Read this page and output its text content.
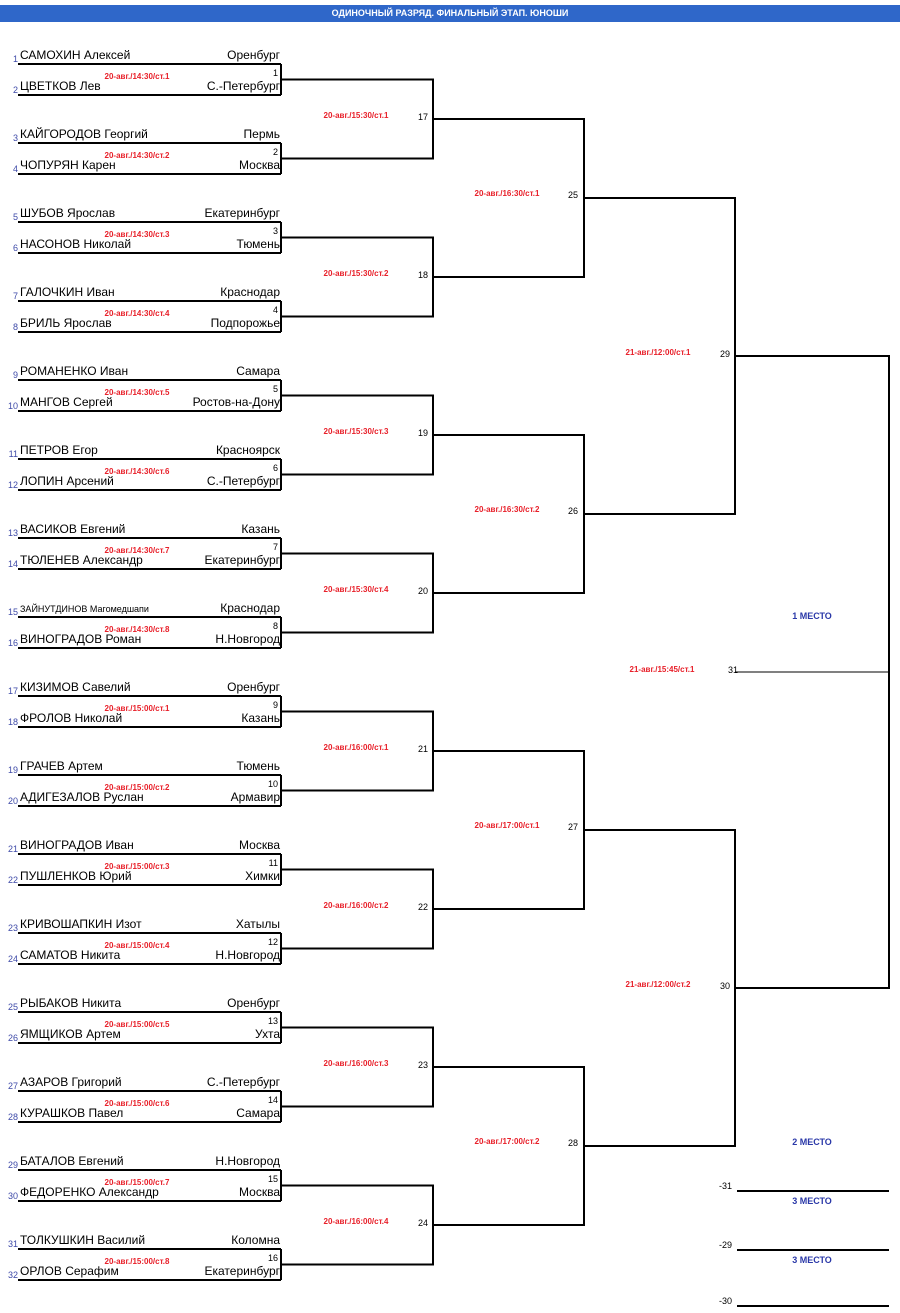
ОДИНОЧНЫЙ РАЗРЯД. ФИНАЛЬНЫЙ ЭТАП. ЮНОШИ
1 САМОХИН Алексей	Оренбург
2 ЦВЕТКОВ Лев	С.-Петербург
3 КАЙГОРОДОВ Георгий	Пермь
4 ЧОПУРЯН Карен	Москва
5 ШУБОВ Ярослав	Екатеринбург
6 НАСОНОВ Николай	Тюмень
7 ГАЛОЧКИН Иван	Краснодар
8 БРИЛЬ Ярослав	Подпорожье
9 РОМАНЕНКО Иван	Самара
10 МАНГОВ Сергей	Ростов-на-Дону
11 ПЕТРОВ Егор	Красноярск
12 ЛОПИН Арсений	С.-Петербург
13 ВАСИКОВ Евгений	Казань
14 ТЮЛЕНЕВ Александр	Екатеринбург
15 ЗАЙНУТДИНОВ Магомедшапи	Краснодар
16 ВИНОГРАДОВ Роман	Н.Новгород
17 КИЗИМОВ Савелий	Оренбург
18 ФРОЛОВ Николай	Казань
19 ГРАЧЕВ Артем	Тюмень
20 АДИГЕЗАЛОВ Руслан	Армавир
21 ВИНОГРАДОВ Иван	Москва
22 ПУШЛЕНКОВ Юрий	Химки
23 КРИВОШАПКИН Изот	Хатылы
24 САМАТОВ Никита	Н.Новгород
25 РЫБАКОВ Никита	Оренбург
26 ЯМЩИКОВ Артем	Ухта
27 АЗАРОВ Григорий	С.-Петербург
28 КУРАШКОВ Павел	Самара
29 БАТАЛОВ Евгений	Н.Новгород
30 ФЕДОРЕНКО Александр	Москва
31 ТОЛКУШКИН Василий	Коломна
32 ОРЛОВ Серафим	Екатеринбург
20-авг./14:30/ст.1	1
20-авг./14:30/ст.2	2
20-авг./14:30/ст.3	3
20-авг./14:30/ст.4	4
20-авг./14:30/ст.5	5
20-авг./14:30/ст.6	6
20-авг./14:30/ст.7	7
20-авг./14:30/ст.8	8
20-авг./15:00/ст.1	9
20-авг./15:00/ст.2	10
20-авг./15:00/ст.3	11
20-авг./15:00/ст.4	12
20-авг./15:00/ст.5	13
20-авг./15:00/ст.6	14
20-авг./15:00/ст.7	15
20-авг./15:00/ст.8	16
20-авг./15:30/ст.1	17
20-авг./15:30/ст.2	18
20-авг./15:30/ст.3	19
20-авг./15:30/ст.4	20
20-авг./16:00/ст.1	21
20-авг./16:00/ст.2	22
20-авг./16:00/ст.3	23
20-авг./16:00/ст.4	24
20-авг./16:30/ст.1	25
20-авг./16:30/ст.2	26
20-авг./17:00/ст.1	27
20-авг./17:00/ст.2	28
21-авг./12:00/ст.1	29
21-авг./12:00/ст.2	30
21-авг./15:45/ст.1	31
1 МЕСТО
2 МЕСТО
3 МЕСТО
3 МЕСТО
-31
-29
-30
